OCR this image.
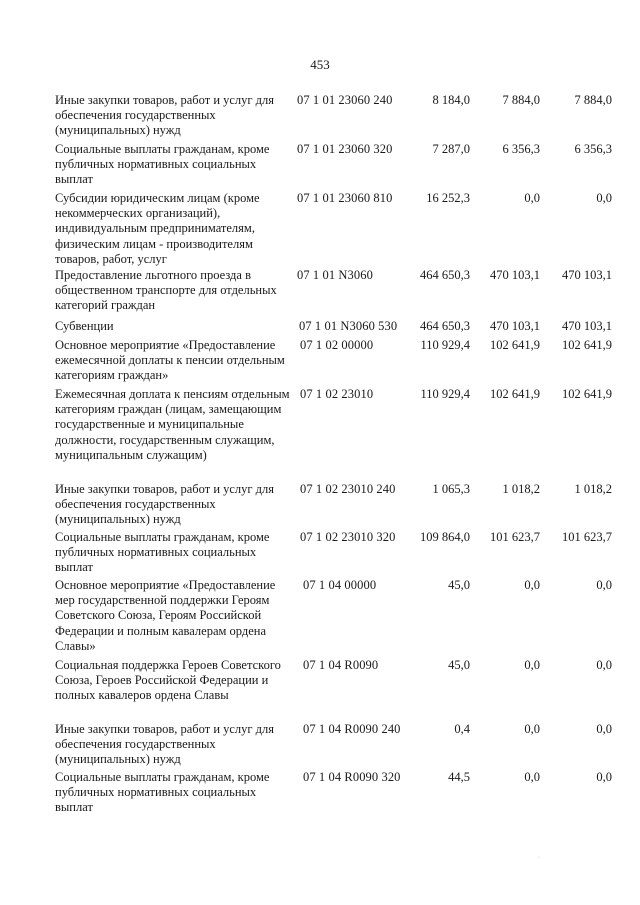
453
Иные закупки товаров, работ и услуг для обеспечения государственных (муниципальных) нужд
07 1 01 23060 240	8 184,0	7 884,0	7 884,0
Социальные выплаты гражданам, кроме публичных нормативных социальных выплат
07 1 01 23060 320	7 287,0	6 356,3	6 356,3
Субсидии юридическим лицам (кроме некоммерческих организаций), индивидуальным предпринимателям, физическим лицам - производителям товаров, работ, услуг
07 1 01 23060 810	16 252,3	0,0	0,0
Предоставление льготного проезда в общественном транспорте для отдельных категорий граждан
07 1 01 N3060	464 650,3	470 103,1	470 103,1
Субвенции	07 1 01 N3060 530	464 650,3	470 103,1	470 103,1
Основное мероприятие «Предоставление ежемесячной доплаты к пенсии отдельным категориям граждан»
07 1 02 00000	110 929,4	102 641,9	102 641,9
Ежемесячная доплата к пенсиям отдельным категориям граждан (лицам, замещающим государственные и муниципальные должности, государственным служащим, муниципальным служащим)
07 1 02 23010	110 929,4	102 641,9	102 641,9
Иные закупки товаров, работ и услуг для обеспечения государственных (муниципальных) нужд
07 1 02 23010 240	1 065,3	1 018,2	1 018,2
Социальные выплаты гражданам, кроме публичных нормативных социальных выплат
07 1 02 23010 320	109 864,0	101 623,7	101 623,7
Основное мероприятие «Предоставление мер государственной поддержки Героям Советского Союза, Героям Российской Федерации и полным кавалерам ордена Славы»
07 1 04 00000	45,0	0,0	0,0
Социальная поддержка Героев Советского Союза, Героев Российской Федерации и полных кавалеров ордена Славы
07 1 04 R0090	45,0	0,0	0,0
Иные закупки товаров, работ и услуг для обеспечения государственных (муниципальных) нужд
07 1 04 R0090 240	0,4	0,0	0,0
Социальные выплаты гражданам, кроме публичных нормативных социальных выплат
07 1 04 R0090 320	44,5	0,0	0,0
·
